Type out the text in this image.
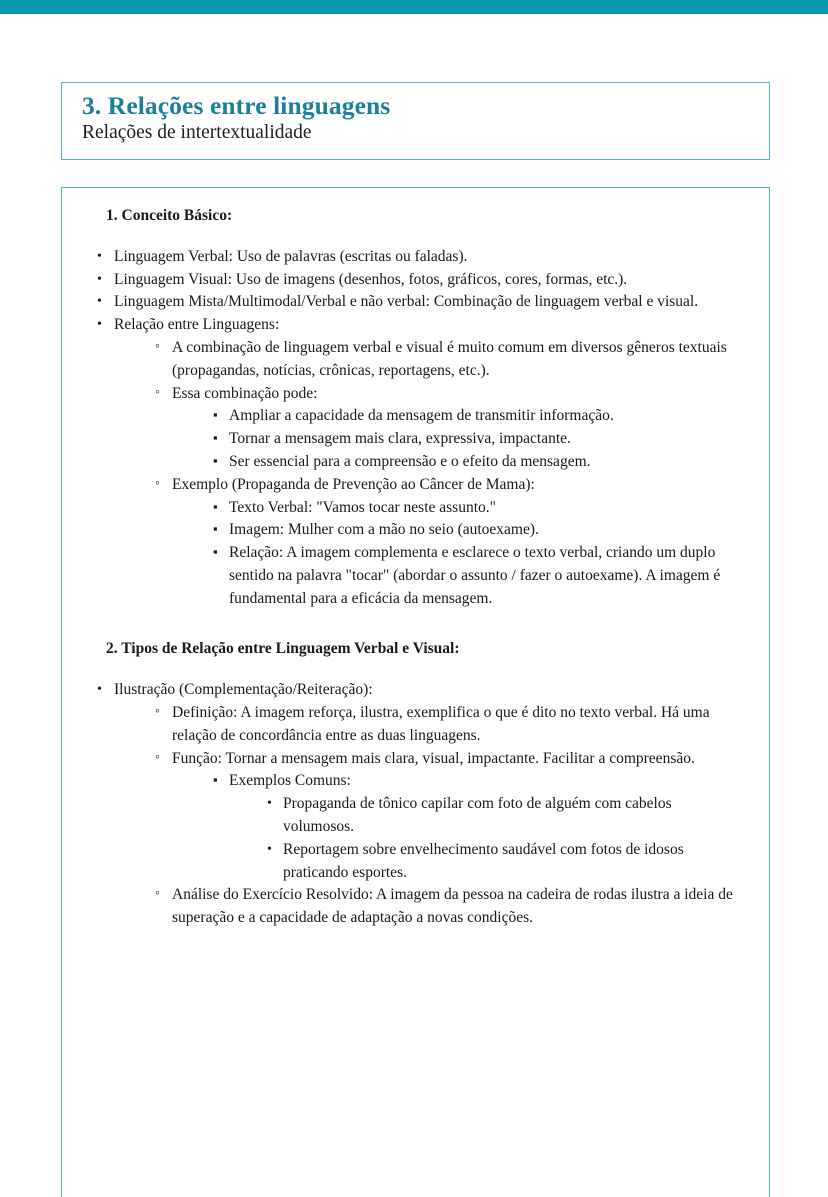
3. Relações entre linguagens
Relações de intertextualidade
1. Conceito Básico:
• Linguagem Verbal: Uso de palavras (escritas ou faladas).
• Linguagem Visual: Uso de imagens (desenhos, fotos, gráficos, cores, formas, etc.).
• Linguagem Mista/Multimodal/Verbal e não verbal: Combinação de linguagem verbal e visual.
• Relação entre Linguagens:
◦ A combinação de linguagem verbal e visual é muito comum em diversos gêneros textuais (propagandas, notícias, crônicas, reportagens, etc.).
◦ Essa combinação pode:
▪ Ampliar a capacidade da mensagem de transmitir informação.
▪ Tornar a mensagem mais clara, expressiva, impactante.
▪ Ser essencial para a compreensão e o efeito da mensagem.
◦ Exemplo (Propaganda de Prevenção ao Câncer de Mama):
▪ Texto Verbal: "Vamos tocar neste assunto."
▪ Imagem: Mulher com a mão no seio (autoexame).
▪ Relação: A imagem complementa e esclarece o texto verbal, criando um duplo sentido na palavra "tocar" (abordar o assunto / fazer o autoexame). A imagem é fundamental para a eficácia da mensagem.
2. Tipos de Relação entre Linguagem Verbal e Visual:
• Ilustração (Complementação/Reiteração):
◦ Definição: A imagem reforça, ilustra, exemplifica o que é dito no texto verbal. Há uma relação de concordância entre as duas linguagens.
◦ Função: Tornar a mensagem mais clara, visual, impactante. Facilitar a compreensão.
▪ Exemplos Comuns:
• Propaganda de tônico capilar com foto de alguém com cabelos volumosos.
• Reportagem sobre envelhecimento saudável com fotos de idosos praticando esportes.
◦ Análise do Exercício Resolvido: A imagem da pessoa na cadeira de rodas ilustra a ideia de superação e a capacidade de adaptação a novas condições.
